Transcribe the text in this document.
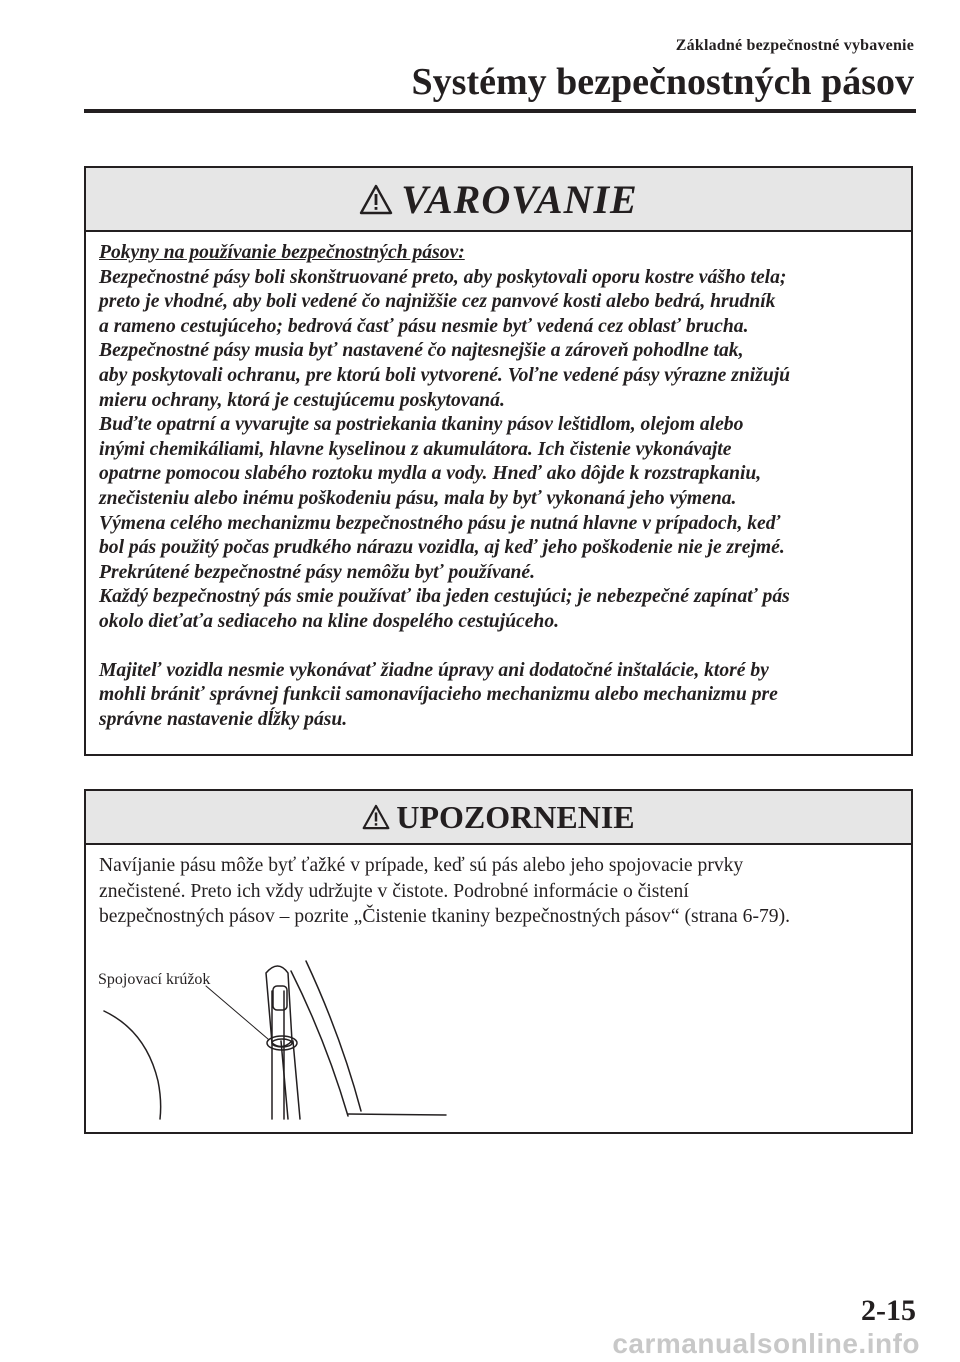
Základné bezpečnostné vybavenie
Systémy bezpečnostných pásov
VAROVANIE
Pokyny na používanie bezpečnostných pásov:
Bezpečnostné pásy boli skonštruované preto, aby poskytovali oporu kostre vášho tela;
preto je vhodné, aby boli vedené čo najnižšie cez panvové kosti alebo bedrá, hrudník
a rameno cestujúceho; bedrová časť pásu nesmie byť vedená cez oblasť brucha.
Bezpečnostné pásy musia byť nastavené čo najtesnejšie a zároveň pohodlne tak,
aby poskytovali ochranu, pre ktorú boli vytvorené. Voľne vedené pásy výrazne znižujú
mieru ochrany, ktorá je cestujúcemu poskytovaná.
Buďte opatrní a vyvarujte sa postriekania tkaniny pásov leštidlom, olejom alebo
inými chemikáliami, hlavne kyselinou z akumulátora. Ich čistenie vykonávajte
opatrne pomocou slabého roztoku mydla a vody. Hneď ako dôjde k rozstrapkaniu,
znečisteniu alebo inému poškodeniu pásu, mala by byť vykonaná jeho výmena.
Výmena celého mechanizmu bezpečnostného pásu je nutná hlavne v prípadoch, keď
bol pás použitý počas prudkého nárazu vozidla, aj keď jeho poškodenie nie je zrejmé.
Prekrútené bezpečnostné pásy nemôžu byť používané.
Každý bezpečnostný pás smie používať iba jeden cestujúci; je nebezpečné zapínať pás
okolo dieťaťa sediaceho na kline dospelého cestujúceho.
Majiteľ vozidla nesmie vykonávať žiadne úpravy ani dodatočné inštalácie, ktoré by
mohli brániť správnej funkcii samonavíjacieho mechanizmu alebo mechanizmu pre
správne nastavenie dĺžky pásu.
UPOZORNENIE
Navíjanie pásu môže byť ťažké v prípade, keď sú pás alebo jeho spojovacie prvky
znečistené. Preto ich vždy udržujte v čistote. Podrobné informácie o čistení
bezpečnostných pásov – pozrite „Čistenie tkaniny bezpečnostných pásov“ (strana 6-79).
Spojovací krúžok
2-15
carmanualsonline.info
